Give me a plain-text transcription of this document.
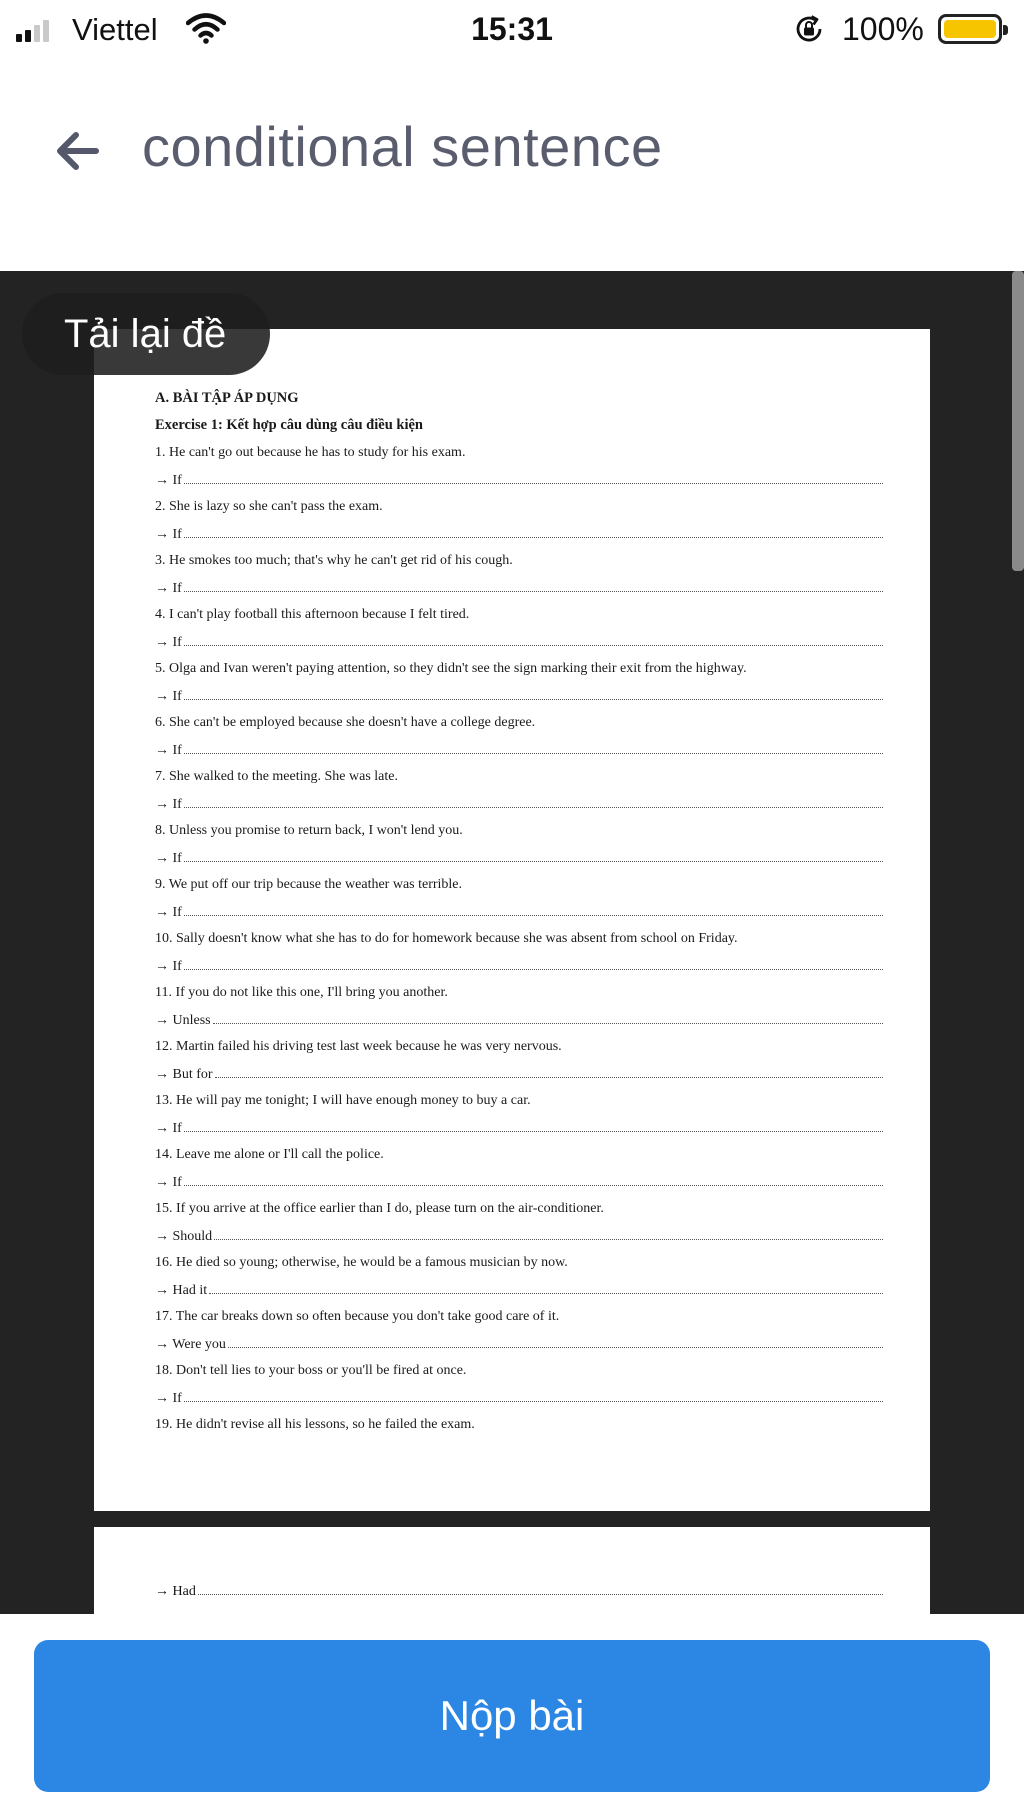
Viettel	15:31	100%
conditional sentence
A. BÀI TẬP ÁP DỤNG
Exercise 1: Kết hợp câu dùng câu điều kiện
1. He can't go out because he has to study for his exam.
→ If
2. She is lazy so she can't pass the exam.
→ If
3. He smokes too much; that's why he can't get rid of his cough.
→ If
4. I can't play football this afternoon because I felt tired.
→ If
5. Olga and Ivan weren't paying attention, so they didn't see the sign marking their exit from the highway.
→ If
6. She can't be employed because she doesn't have a college degree.
→ If
7. She walked to the meeting. She was late.
→ If
8. Unless you promise to return back, I won't lend you.
→ If
9. We put off our trip because the weather was terrible.
→ If
10. Sally doesn't know what she has to do for homework because she was absent from school on Friday.
→ If
11. If you do not like this one, I'll bring you another.
→ Unless
12. Martin failed his driving test last week because he was very nervous.
→ But for
13. He will pay me tonight; I will have enough money to buy a car.
→ If
14. Leave me alone or I'll call the police.
→ If
15. If you arrive at the office earlier than I do, please turn on the air-conditioner.
→ Should
16. He died so young; otherwise, he would be a famous musician by now.
→ Had it
17. The car breaks down so often because you don't take good care of it.
→ Were you
18. Don't tell lies to your boss or you'll be fired at once.
→ If
19. He didn't revise all his lessons, so he failed the exam.
→ Had
Tải lại đề
Nộp bài
